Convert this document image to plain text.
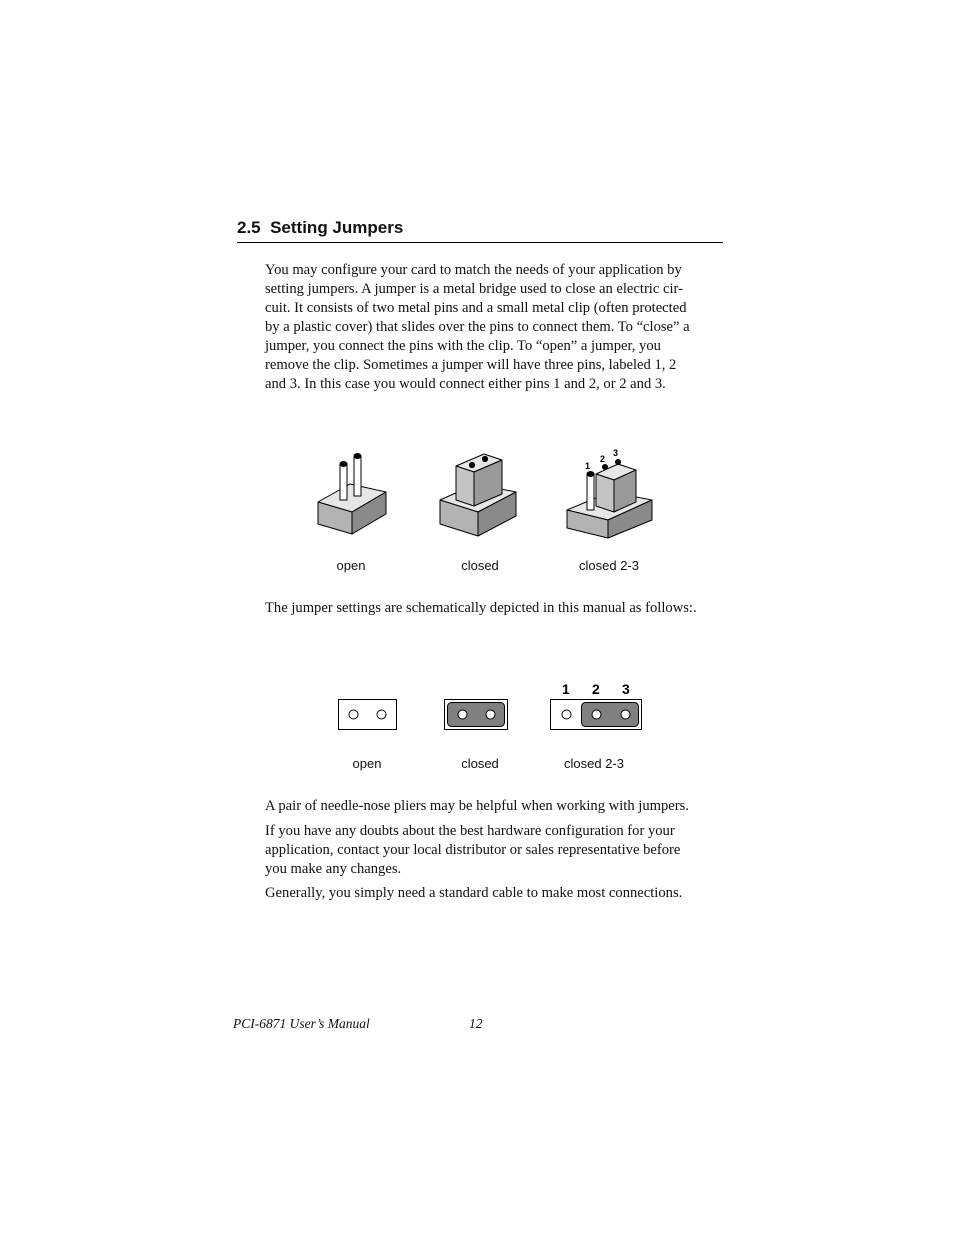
2.5 Setting Jumpers

You may configure your card to match the needs of your application by
setting jumpers. A jumper is a metal bridge used to close an electric cir-
cuit. It consists of two metal pins and a small metal clip (often protected
by a plastic cover) that slides over the pins to connect them. To “close” a
jumper, you connect the pins with the clip. To “open” a jumper, you
remove the clip. Sometimes a jumper will have three pins, labeled 1, 2
and 3. In this case you would connect either pins 1 and 2, or 2 and 3.

1
2
3
open	closed	closed 2-3

The jumper settings are schematically depicted in this manual as follows:.

1 2 3
open	closed	closed 2-3

A pair of needle-nose pliers may be helpful when working with jumpers.

If you have any doubts about the best hardware configuration for your
application, contact your local distributor or sales representative before
you make any changes.

Generally, you simply need a standard cable to make most connections.

PCI-6871 User’s Manual	12
